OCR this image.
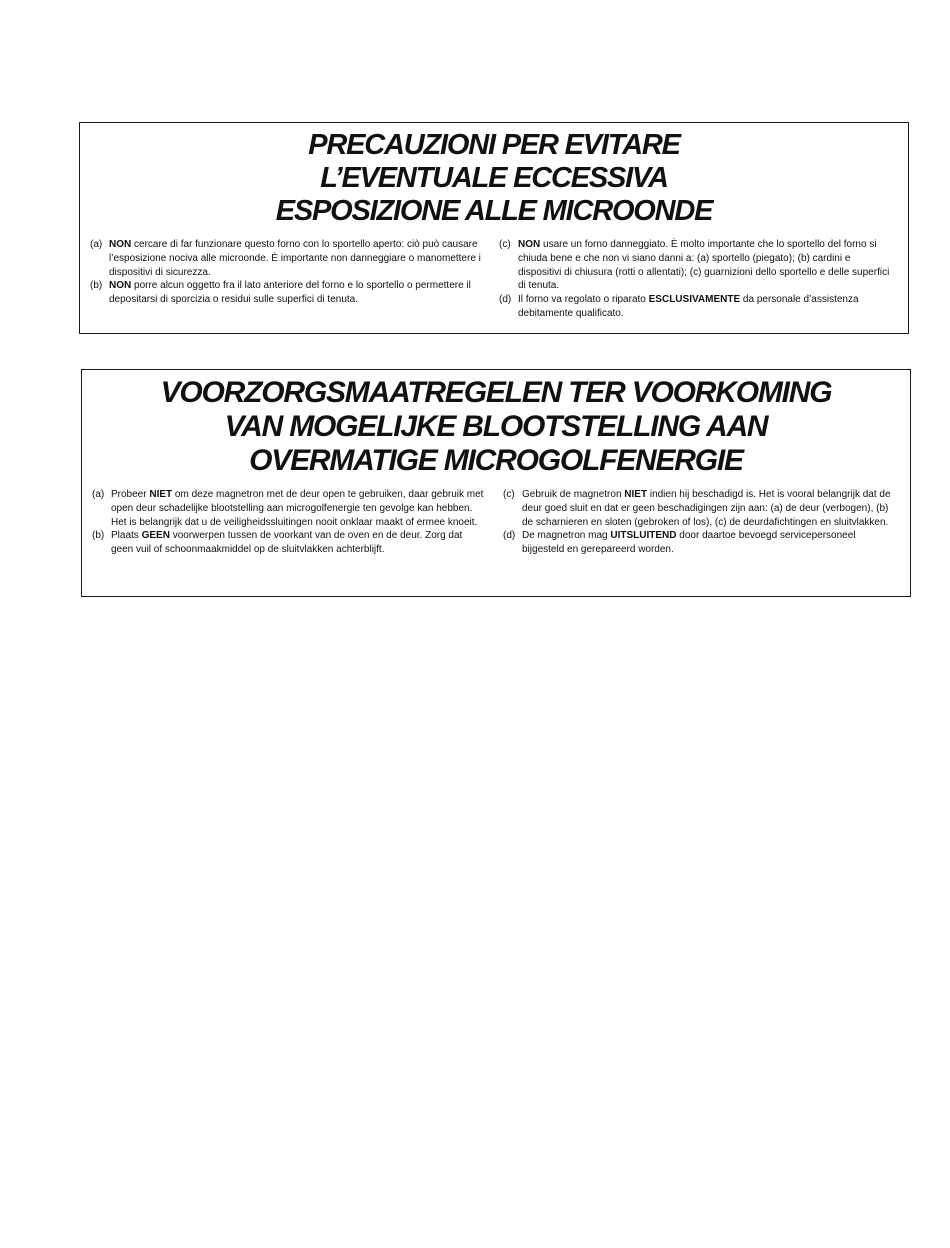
PRECAUZIONI PER EVITARE
L’EVENTUALE ECCESSIVA
ESPOSIZIONE ALLE MICROONDE
(a) NON cercare di far funzionare questo forno con lo sportello aperto: ciò può causare l’esposizione nociva alle microonde. È importante non danneggiare o manomettere i dispositivi di sicurezza.
(b) NON porre alcun oggetto fra il lato anteriore del forno e lo sportello o permettere il depositarsi di sporcizia o residui sulle superfici di tenuta.
(c) NON usare un forno danneggiato. È molto importante che lo sportello del forno si chiuda bene e che non vi siano danni a: (a) sportello (piegato); (b) cardini e dispositivi di chiusura (rotti o allentati); (c) guarnizioni dello sportello e delle superfici di tenuta.
(d) Il forno va regolato o riparato ESCLUSIVAMENTE da personale d’assistenza debitamente qualificato.
VOORZORGSMAATREGELEN TER VOORKOMING
VAN MOGELIJKE BLOOTSTELLING AAN
OVERMATIGE MICROGOLFENERGIE
(a) Probeer NIET om deze magnetron met de deur open te gebruiken, daar gebruik met open deur schadelijke blootstelling aan microgolfenergie ten gevolge kan hebben. Het is belangrijk dat u de veiligheidssluitingen nooit onklaar maakt of ermee knoeit.
(b) Plaats GEEN voorwerpen tussen de voorkant van de oven en de deur. Zorg dat geen vuil of schoonmaakmiddel op de sluitvlakken achterblijft.
(c) Gebruik de magnetron NIET indien hij beschadigd is. Het is vooral belangrijk dat de deur goed sluit en dat er geen beschadigingen zijn aan: (a) de deur (verbogen), (b) de scharnieren en sloten (gebroken of los), (c) de deurdafichtingen en sluitvlakken.
(d) De magnetron mag UITSLUITEND door daartoe bevoegd servicepersoneel bijgesteld en gerepareerd worden.
